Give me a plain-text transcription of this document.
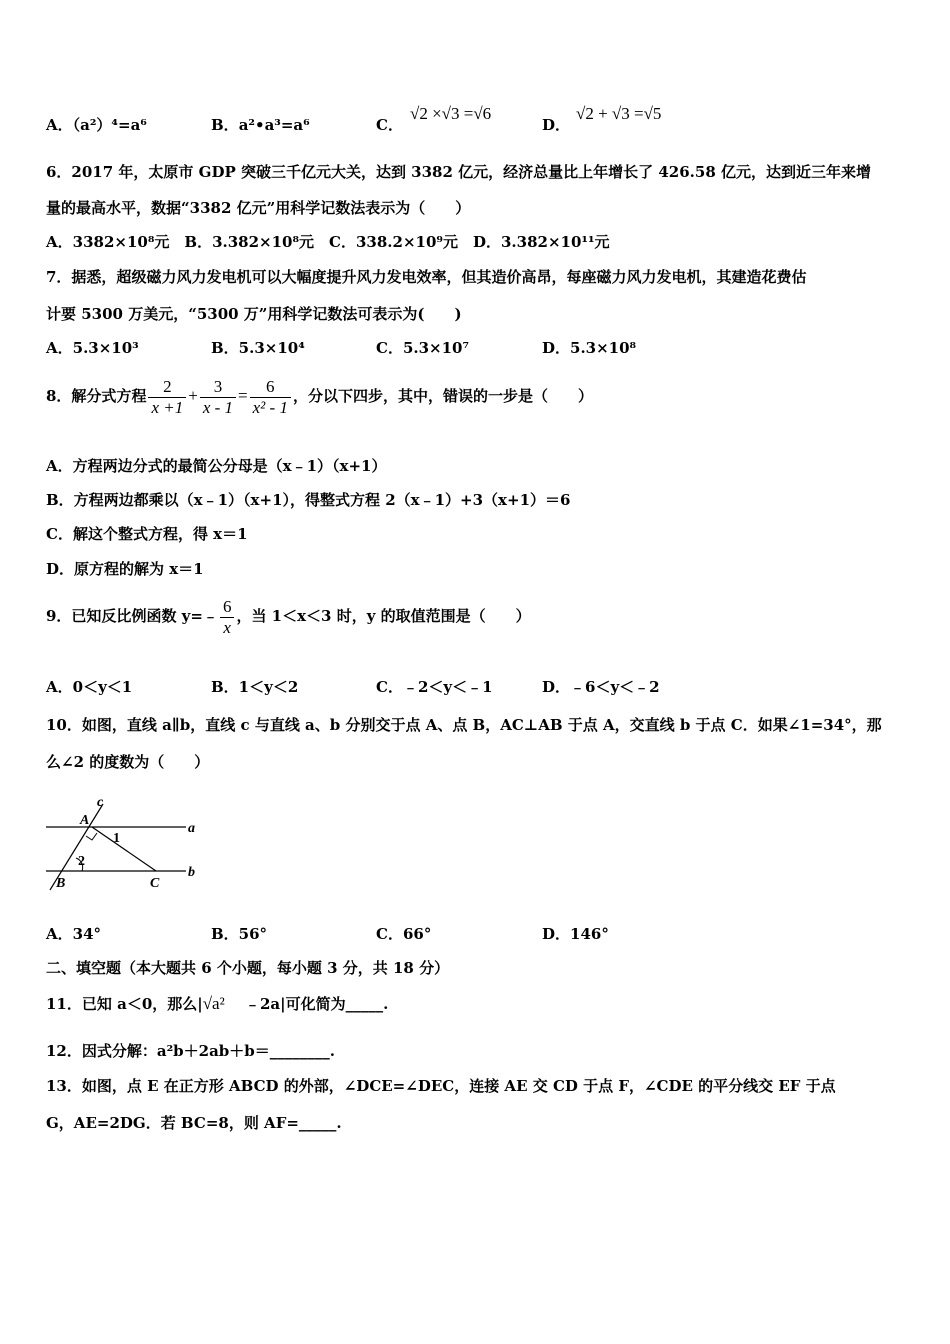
A．（a²）⁴=a⁶	B．a²•a³=a⁶	C．
√2 ×√3 =√6
D．
√2 + √3 =√5
6．2017 年，太原市 GDP 突破三千亿元大关，达到 3382 亿元，经济总量比上年增长了 426.58 亿元，达到近三年来增
量的最高水平，数据“3382 亿元”用科学记数法表示为（　　）
A．3382×10⁸元　B．3.382×10⁸元　C．338.2×10⁹元　D．3.382×10¹¹元
7．据悉，超级磁力风力发电机可以大幅度提升风力发电效率，但其造价高昂，每座磁力风力发电机，其建造花费估
计要 5300 万美元，“5300 万”用科学记数法可表示为(　　)
A．5.3×10³	B．5.3×10⁴	C．5.3×10⁷	D．5.3×10⁸
8．解分式方程 $\frac{2}{x +1} + \frac{3}{x - 1} = \frac{6}{\text{x² - 1}}$ ，分以下四步，其中，错误的一步是（　　）
A．方程两边分式的最简公分母是（x﹣1）（x+1）
B．方程两边都乘以（x﹣1）（x+1），得整式方程 2（x﹣1）+3（x+1）＝6
C．解这个整式方程，得 x＝1
D．原方程的解为 x＝1
9．已知反比例函数 y=﹣ $\frac{6}{x}$ ，当 1＜x＜3 时，y 的取值范围是（　　）
A．0＜y＜1	B．1＜y＜2	C．﹣2＜y＜﹣1	D．﹣6＜y＜﹣2
10．如图，直线 a∥b，直线 c 与直线 a、b 分别交于点 A、点 B，AC⊥AB 于点 A，交直线 b 于点 C．如果∠1=34°，那
么∠2 的度数为（　　）
c
A
1
a
2
B	C
b
A．34°	B．56°	C．66°	D．146°
二、填空题（本大题共 6 个小题，每小题 3 分，共 18 分）
11．已知 a＜0，那么|√a² ﹣2a|可化简为_____.
12．因式分解：a²b＋2ab＋b＝________.
13．如图，点 E 在正方形 ABCD 的外部，∠DCE=∠DEC，连接 AE 交 CD 于点 F，∠CDE 的平分线交 EF 于点
G，AE=2DG．若 BC=8，则 AF=_____.
